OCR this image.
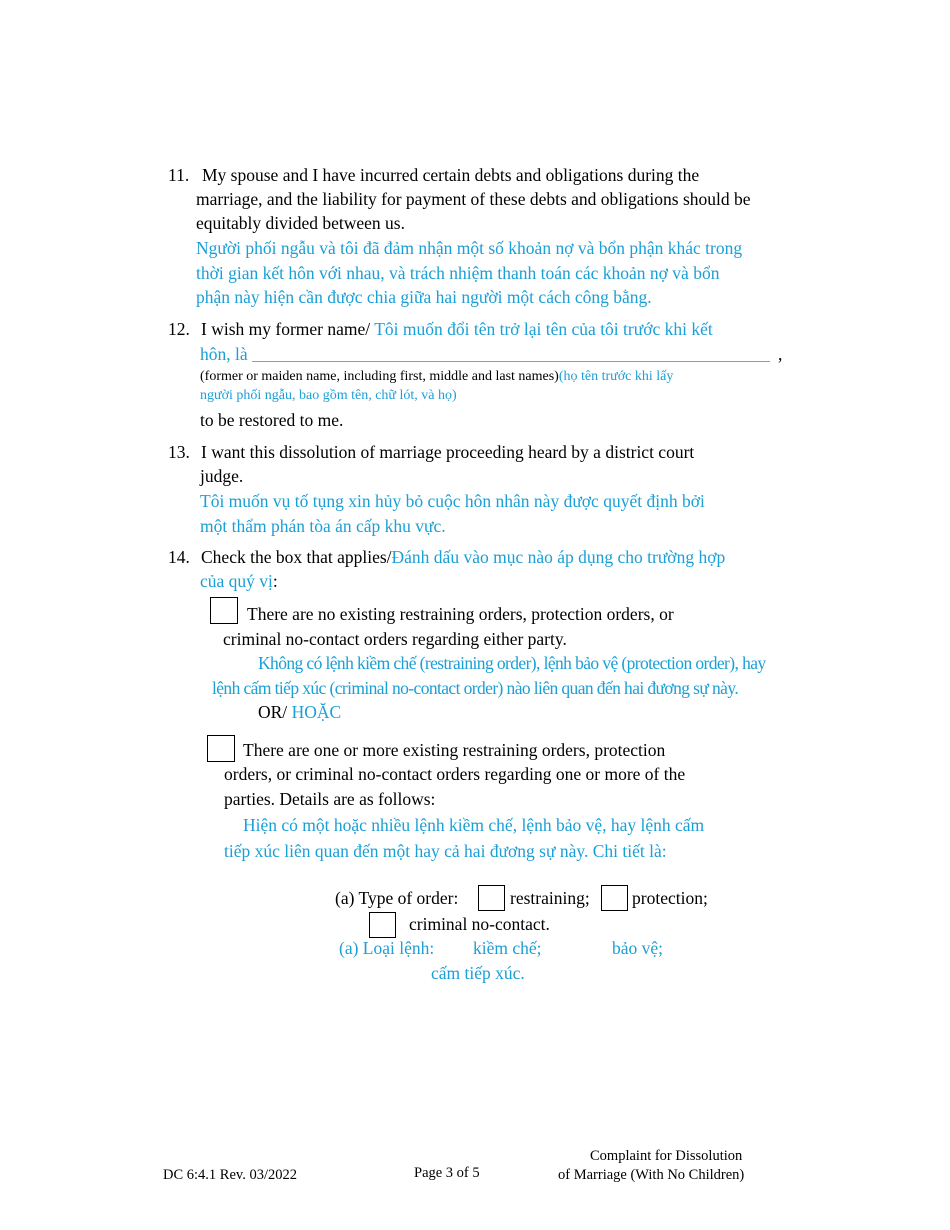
11. My spouse and I have incurred certain debts and obligations during the
marriage, and the liability for payment of these debts and obligations should be
equitably divided between us.
Người phối ngẫu và tôi đã đảm nhận một số khoản nợ và bổn phận khác trong
thời gian kết hôn với nhau, và trách nhiệm thanh toán các khoản nợ và bổn
phận này hiện cần được chia giữa hai người một cách công bằng.
12. I wish my former name/ Tôi muốn đổi tên trở lại tên của tôi trước khi kết
hôn, là	,
(former or maiden name, including first, middle and last names)(họ tên trước khi lấy
người phối ngẫu, bao gồm tên, chữ lót, và họ)
to be restored to me.
13. I want this dissolution of marriage proceeding heard by a district court
judge.
Tôi muốn vụ tố tụng xin hủy bỏ cuộc hôn nhân này được quyết định bởi
một thẩm phán tòa án cấp khu vực.
14. Check the box that applies/Đánh dấu vào mục nào áp dụng cho trường hợp
của quý vị:
There are no existing restraining orders, protection orders, or
criminal no-contact orders regarding either party.
Không có lệnh kiềm chế (restraining order), lệnh bảo vệ (protection order), hay
lệnh cấm tiếp xúc (criminal no-contact order) nào liên quan đến hai đương sự này.
OR/ HOẶC
There are one or more existing restraining orders, protection
orders, or criminal no-contact orders regarding one or more of the
parties. Details are as follows:
Hiện có một hoặc nhiều lệnh kiềm chế, lệnh bảo vệ, hay lệnh cấm
tiếp xúc liên quan đến một hay cả hai đương sự này. Chi tiết là:
(a) Type of order:	restraining; protection;
criminal no-contact.
(a) Loại lệnh: kiềm chế;	bảo vệ;
cấm tiếp xúc.
DC 6:4.1 Rev. 03/2022	Page 3 of 5
Complaint for Dissolution
of Marriage (With No Children)
